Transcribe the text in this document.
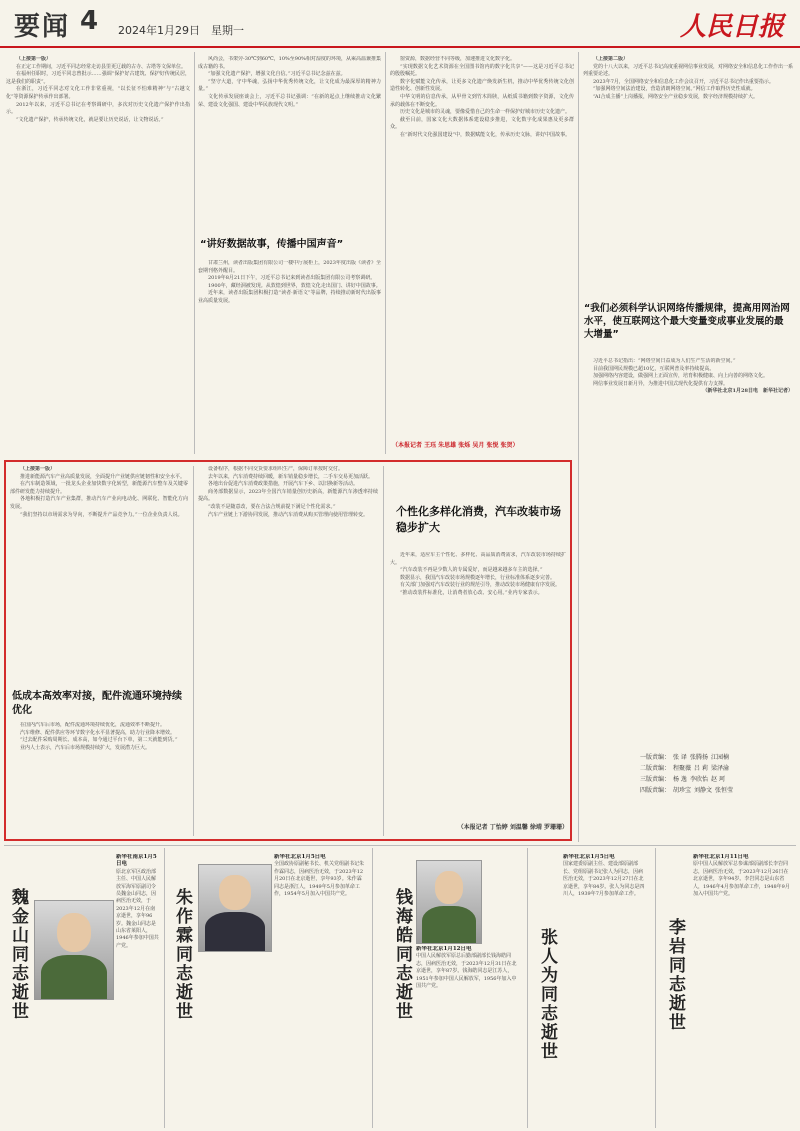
要闻 4 2024年1月29日　星期一	人民日报

（上接第一版）

在正定工作期间，习近平同志经常走访县里更辽载的古寺、古塔等文保单位。

在福州任职时，习近平同志曾批示……强调“保护好古建筑、保护好传统民居，这是我们的职责”。

在浙江，习近平同志对文化工作非常重视，“以长征不怕难精神”与“古越文化”等资源保护传承作出部署。

2012年以来，习近平总书记在考察调研中，多次对历史文化遗产保护作出指示。

“文化遗产保护，传承传统文化，就是要让历史说话，让文物说话。”

风尚会，书架旁-30℃到60℃，10%至90%相对湿度的环境，从乘高温兼推集成古籍的书。

“加强文化遗产保护，增强文化自信。”习近平总书记念兹在兹。

“坚守大道，守中华魂，弘扬中华优秀传统文化，让文化成为最深厚的精神力量。”

文化传承发展座谈会上，习近平总书记强调：“在新的起点上继续推动文化繁荣、建设文化强国、建设中华民族现代文明。”

“讲好数据故事，传播中国声音”

甘肃兰州，读者出版集团有限公司一楼中厅展柜上，2023年度出版《读者》全套期刊格外醒目。

2019年8月21日下午，习近平总书记来到读者出版集团有限公司考察调研。

1900年，藏经洞被发现。从敦煌到世界，敦煌文化走出国门、讲好中国故事。

近年来，读者出版集团积极打造“读者·新语文”等品牌，持续推动新时代出版事业高质量发展。

窗资源，数据经营不同等级，加速推进文化数字化。

“实现数据文化艺术资源在全国图书馆内的数字化共享”——这是习近平总书记的殷殷嘱托。

数字化赋能文化传承，让更多文化遗产焕发新生机，推动中华优秀传统文化创造性转化、创新性发展。

中华文明的信息传承，从甲骨文到竹木简牍，从纸质书籍到数字资源，文化传承的载体在不断变化。

历史文化是城市的灵魂，要像爱惜自己的生命一样保护好城市历史文化遗产。

截至目前，国家文化大数据体系建设稳步推进，文化数字化成果惠及更多群众。

在“新时代文化强国建设”中，数据赋能文化，传承历史文脉，讲好中国故事。

（本报记者 王珏 朱思雄 张烁 吴月 张悦 张贺）

（上接第二版）

党的十八大以来，习近平总书记高度重视网信事业发展，对网络安全和信息化工作作出一系列重要论述。

2023年7月，全国网络安全和信息化工作会议召开，习近平总书记作出重要指示。

“加强网络空间法治建设，营造清朗网络空间。”网信工作取得历史性成就。

“AI合成主播”上岗播报，网络安全产业稳步发展，数字经济规模持续扩大。

“我们必须科学认识网络传播规律，提高用网治网水平，使互联网这个最大变量变成事业发展的最大增量”

习近平总书记指出：“网络空间日益成为人们生产生活的新空间。”

目前我国网民规模已超10亿，互联网普及率持续提高。

加强网络内容建设，做强网上正面宣传，培育积极健康、向上向善的网络文化。

网信事业发展日新月异，为推进中国式现代化提供有力支撑。

（新华社北京1月28日电　新华社记者）

（上接第一版）

推进新能源汽车产业高质量发展，全面提升产业链供应链韧性和安全水平。

在汽车制造领域，一批龙头企业加快数字化转型，新能源汽车整车及关键零部件研发能力持续提升。

各地积极打造汽车产业集群，推动汽车产业向电动化、网联化、智能化方向发展。

“我们坚持以市场需求为导向，不断提升产品竞争力。”一位企业负责人说。

低成本高效率对接，配件流通环境持续优化

在国内汽车后市场，配件流通环境持续优化，流通效率不断提升。

汽车维修、配件供应等环节数字化水平显著提高，助力行业降本增效。

“过去配件采购周期长、成本高，如今通过平台下单，第二天就能到货。”

业内人士表示，汽车后市场规模持续扩大，发展潜力巨大。

设备程序，根据不同交货要求组织生产，保障订单按时交付。

去年以来，汽车消费持续回暖，新车销量稳步增长，二手车交易更加活跃。

各地出台促进汽车消费政策措施，开展汽车下乡、以旧换新等活动。

商务部数据显示，2023年全国汽车销量创历史新高，新能源汽车渗透率持续提高。

“改装不是随意改，要在合法合规前提下满足个性化需求。”

汽车产业链上下游协同发展，推动汽车消费从购买管理向使用管理转变。	个性化多样化消费，汽车改装市场稳步扩大

近年来，适应车主个性化、多样化、高品质消费需求，汽车改装市场持续扩大。

“汽车改装不再是少数人的专属爱好，而是越来越多车主的选择。”

数据显示，我国汽车改装市场规模逐年增长，行业标准体系逐步完善。

有关部门加强对汽车改装行业的规范引导，推动改装市场健康有序发展。

“推动改装件标准化，让消费者放心改、安心用。”业内专家表示。

（本报记者 丁怡婷 刘温馨 徐靖 罗珊珊）
一版责编： 张 译 张腾扬 江园楠
二版责编： 程聚薇 吕 莉 梁泽渝
三版责编： 杨 逸 李欣怡 赵 珂
四版责编： 胡珍宝 刘静文 张恒莹
魏金山同志逝世
新华社南京1月5日电
原北京军区政治部主任、中国人民解放军海军原副司令员魏金山同志，因病医治无效，于2023年12月在南京逝世，享年96岁。魏金山同志是山东省莱阳人，1946年参加中国共产党。	朱作霖同志逝世
新华社北京1月5日电
全国政协原副秘书长、机关党组副书记朱作霖同志，因病医治无效，于2023年12月20日在北京逝世，享年93岁。朱作霖同志是浙江人，1949年5月参加革命工作，1954年5月加入中国共产党。	钱海皓同志逝世 新华社北京1月12日电
中国人民解放军原总后勤部副部长钱海皓同志，因病医治无效，于2023年12月31日在北京逝世，享年87岁。钱海皓同志是江苏人，1951年参加中国人民解放军，1956年加入中国共产党。	张人为同志逝世
新华社北京1月5日电
国家建委原副主任、建设部原副部长、党组原副书记张人为同志，因病医治无效，于2023年12月27日在北京逝世，享年84岁。张人为同志是四川人，1939年7月参加革命工作。
李岩同志逝世
新华社北京1月11日电
原中国人民解放军总参谋部原副部长李岩同志，因病医治无效，于2023年12月26日在北京逝世，享年94岁。李岩同志是山东省人，1946年4月参加革命工作，1948年9月加入中国共产党。
